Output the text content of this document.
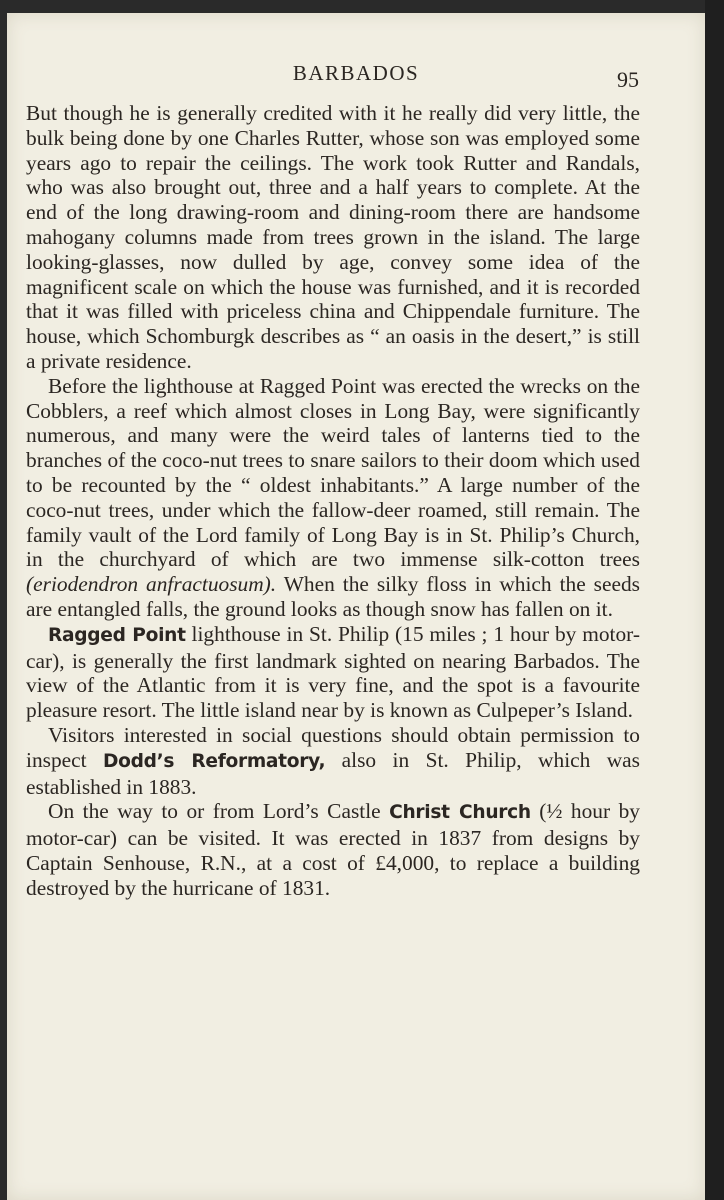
BARBADOS	95

But though he is generally credited with it he really did very little, the bulk being done by one Charles Rutter, whose son was employed some years ago to repair the ceilings. The work took Rutter and Randals, who was also brought out, three and a half years to complete. At the end of the long drawing-room and dining-room there are handsome mahogany columns made from trees grown in the island. The large looking-glasses, now dulled by age, convey some idea of the magnificent scale on which the house was furnished, and it is recorded that it was filled with priceless china and Chippendale furniture. The house, which Schomburgk describes as “ an oasis in the desert,” is still a private residence.

Before the lighthouse at Ragged Point was erected the wrecks on the Cobblers, a reef which almost closes in Long Bay, were significantly numerous, and many were the weird tales of lanterns tied to the branches of the coco-nut trees to snare sailors to their doom which used to be recounted by the “ oldest inhabitants.” A large number of the coco-nut trees, under which the fallow-deer roamed, still remain. The family vault of the Lord family of Long Bay is in St. Philip’s Church, in the churchyard of which are two immense silk-cotton trees (eriodendron anfractuosum). When the silky floss in which the seeds are entangled falls, the ground looks as though snow has fallen on it.

Ragged Point lighthouse in St. Philip (15 miles ; 1 hour by motor-car), is generally the first landmark sighted on nearing Barbados. The view of the Atlantic from it is very fine, and the spot is a favourite pleasure resort. The little island near by is known as Culpeper’s Island.

Visitors interested in social questions should obtain permission to inspect Dodd’s Reformatory, also in St. Philip, which was established in 1883.

On the way to or from Lord’s Castle Christ Church (½ hour by motor-car) can be visited. It was erected in 1837 from designs by Captain Senhouse, R.N., at a cost of £4,000, to replace a building destroyed by the hurricane of 1831.
